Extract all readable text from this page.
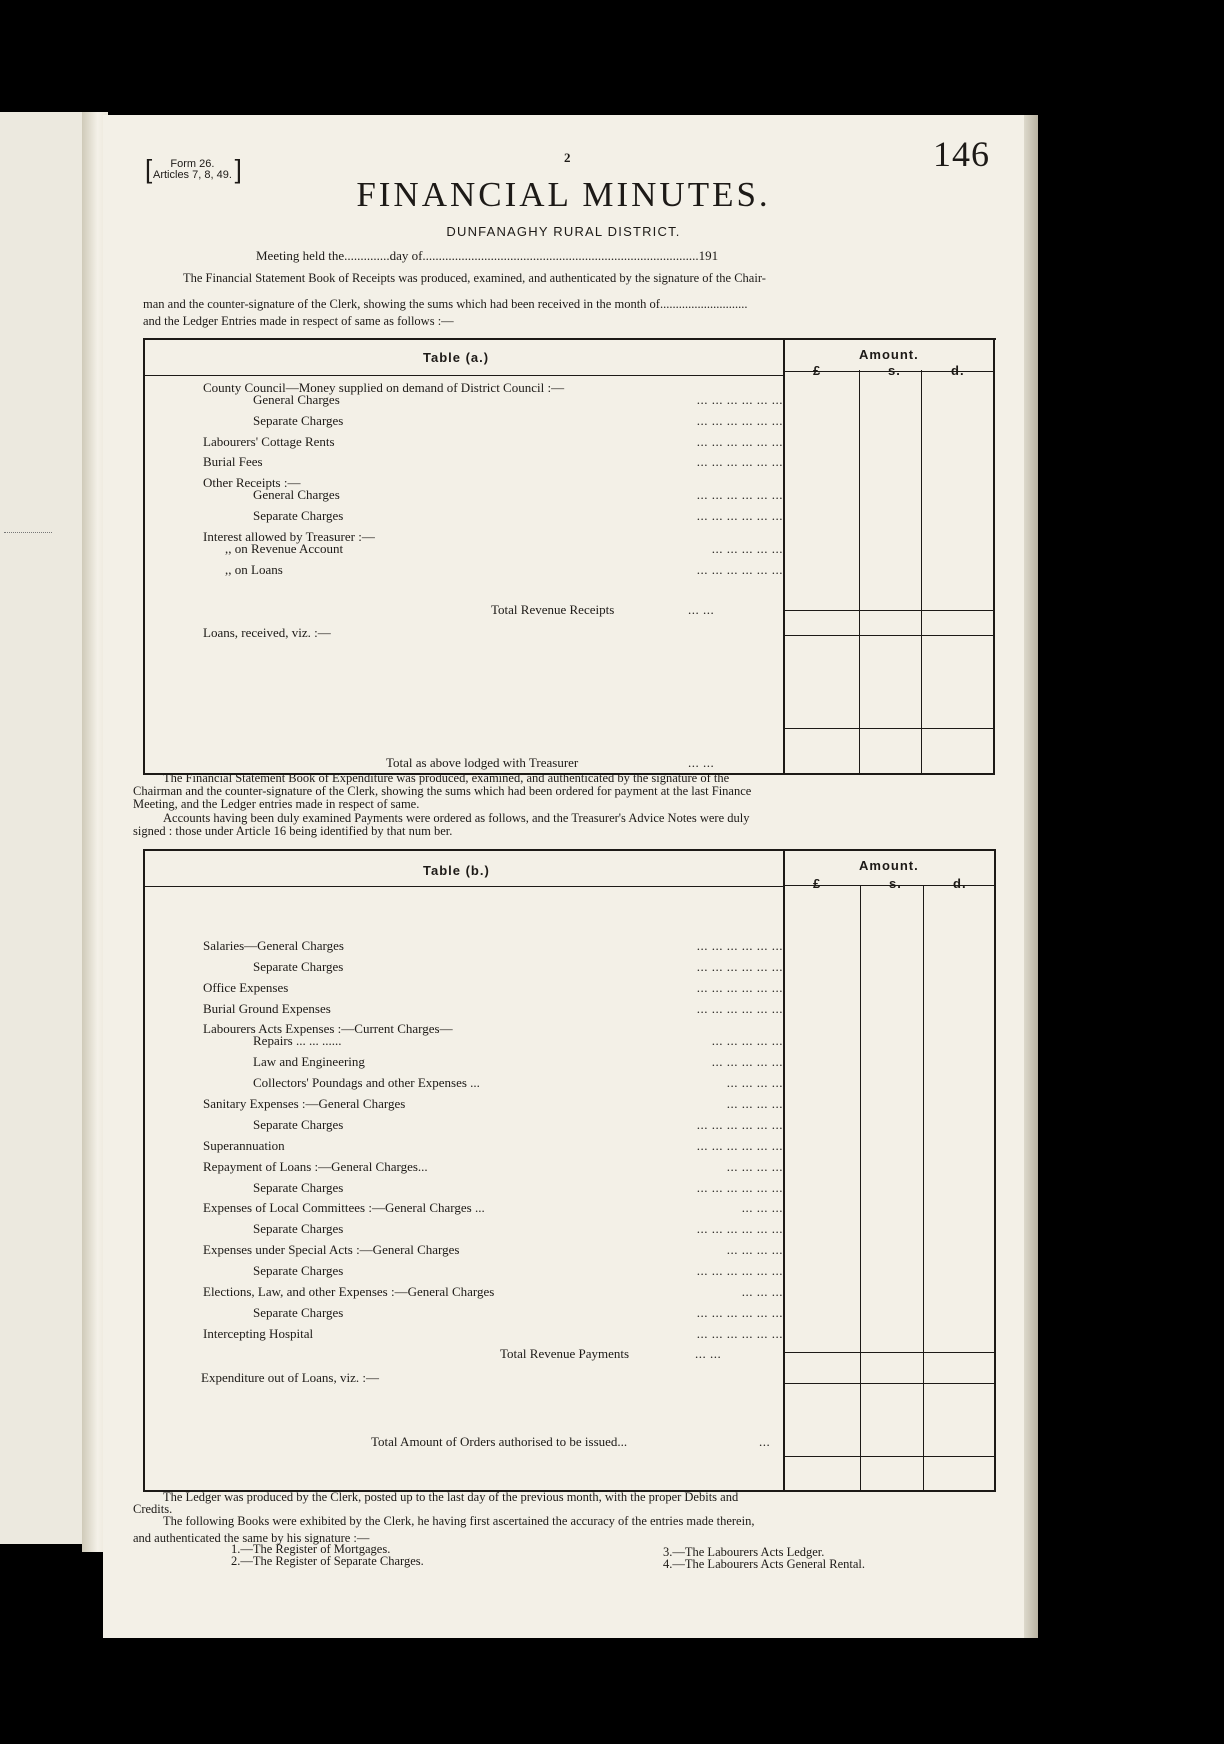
[	Form 26.
Articles 7, 8, 49. ]	2	146
FINANCIAL MINUTES.
DUNFANAGHY RURAL DISTRICT.
Meeting held the..............day of.....................................................................................191
The Financial Statement Book of Receipts was produced, examined, and authenticated by the signature of the Chair-
man and the counter-signature of the Clerk, showing the sums which had been received in the month of............................
and the Ledger Entries made in respect of same as follows :—
Table (a.)	Amount.
£	s.	d.
County Council—Money supplied on demand of District Council :—
General Charges	... ... ... ... ... ...
Separate Charges	... ... ... ... ... ...
Labourers' Cottage Rents	... ... ... ... ... ...
Burial Fees	... ... ... ... ... ...
Other Receipts :—
General Charges	... ... ... ... ... ...
Separate Charges	... ... ... ... ... ...
Interest allowed by Treasurer :—
,, on Revenue Account	... ... ... ... ...
,, on Loans	... ... ... ... ... ...
Total Revenue Receipts	... ...
Loans, received, viz. :—
Total as above lodged with Treasurer	... ...
The Financial Statement Book of Expenditure was produced, examined, and authenticated by the signature of the
Chairman and the counter-signature of the Clerk, showing the sums which had been ordered for payment at the last Finance
Meeting, and the Ledger entries made in respect of same.
Accounts having been duly examined Payments were ordered as follows, and the Treasurer's Advice Notes were duly
signed : those under Article 16 being identified by that num ber.
Table (b.)	Amount.
£	s.	d.
Salaries—General Charges	... ... ... ... ... ...
Separate Charges	... ... ... ... ... ...
Office Expenses	... ... ... ... ... ...
Burial Ground Expenses	... ... ... ... ... ...
Labourers Acts Expenses :—Current Charges—
Repairs ... ... ......	... ... ... ... ...
Law and Engineering	... ... ... ... ...
Collectors' Poundags and other Expenses ...	... ... ... ...
Sanitary Expenses :—General Charges	... ... ... ...
Separate Charges	... ... ... ... ... ...
Superannuation	... ... ... ... ... ...
Repayment of Loans :—General Charges...	... ... ... ...
Separate Charges	... ... ... ... ... ...
Expenses of Local Committees :—General Charges ...	... ... ...
Separate Charges	... ... ... ... ... ...
Expenses under Special Acts :—General Charges	... ... ... ...
Separate Charges	... ... ... ... ... ...
Elections, Law, and other Expenses :—General Charges	... ... ...
Separate Charges	... ... ... ... ... ...
Intercepting Hospital	... ... ... ... ... ...
Total Revenue Payments	... ...
Expenditure out of Loans, viz. :—
Total Amount of Orders authorised to be issued...	...
The Ledger was produced by the Clerk, posted up to the last day of the previous month, with the proper Debits and
Credits.
The following Books were exhibited by the Clerk, he having first ascertained the accuracy of the entries made therein,
and authenticated the same by his signature :—
1.—The Register of Mortgages.
2.—The Register of Separate Charges.
3.—The Labourers Acts Ledger.
4.—The Labourers Acts General Rental.
